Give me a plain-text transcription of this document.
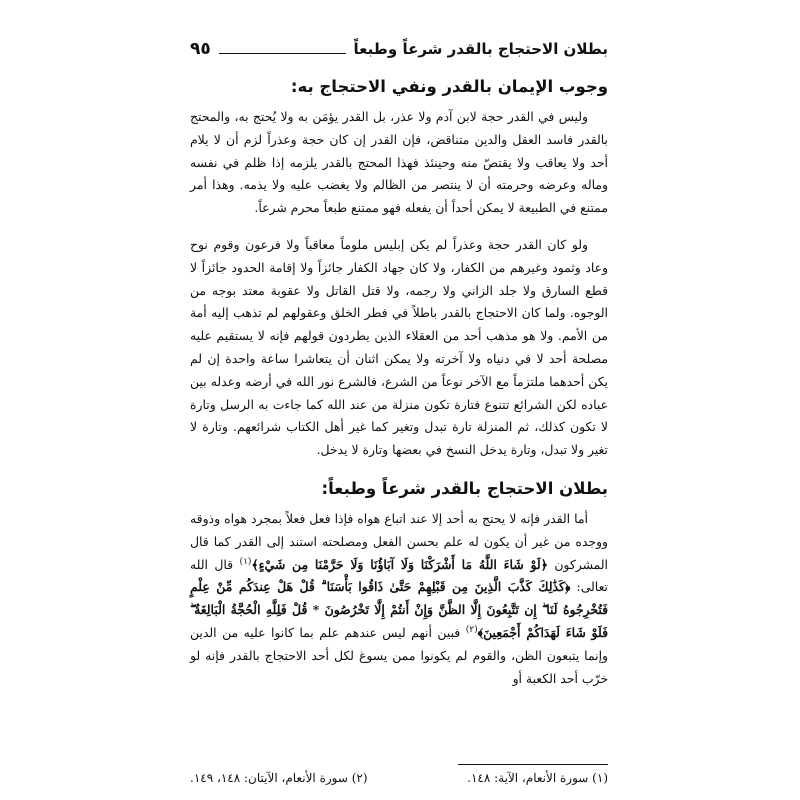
بطلان الاحتجاج بالقدر شرعاً وطبعاً
٩٥
وجوب الإيمان بالقدر ونفي الاحتجاج به:

وليس في القدر حجة لابن آدم ولا عذر، بل القدر يؤمَن به ولا يُحتج به، والمحتج بالقدر فاسد العقل والدين متناقض، فإن القدر إن كان حجة وعذراً لزم أن لا يلام أحد ولا يعاقب ولا يقتصّ منه وحينئذ فهذا المحتج بالقدر يلزمه إذا ظلم في نفسه وماله وعرضه وحرمته أن لا ينتصر من الظالم ولا يغضب عليه ولا يذمه. وهذا أمر ممتنع في الطبيعة لا يمكن أحداً أن يفعله فهو ممتنع طبعاً محرم شرعاً.

ولو كان القدر حجة وعذراً لم يكن إبليس ملوماً معاقباً ولا فرعون وقوم نوح وعاد وثمود وغيرهم من الكفار، ولا كان جهاد الكفار جائزاً ولا إقامة الحدود جائزاً لا قطع السارق ولا جلد الزاني ولا رجمه، ولا قتل القاتل ولا عقوبة معتد بوجه من الوجوه. ولما كان الاحتجاج بالقدر باطلاً في فطر الخلق وعقولهم لم تذهب إليه أمة من الأمم. ولا هو مذهب أحد من العقلاء الذين يطردون قولهم فإنه لا يستقيم عليه مصلحة أحد لا في دنياه ولا آخرته ولا يمكن اثنان أن يتعاشرا ساعة واحدة إن لم يكن أحدهما ملتزماً مع الآخر نوعاً من الشرع، فالشرع نور الله في أرضه وعدله بين عباده لكن الشرائع تتنوع فتارة تكون منزلة من عند الله كما جاءت به الرسل وتارة لا تكون كذلك، ثم المنزلة تارة تبدل وتغير كما غير أهل الكتاب شرائعهم. وتارة لا تغير ولا تبدل، وتارة يدخل النسخ في بعضها وتارة لا يدخل.

بطلان الاحتجاج بالقدر شرعاً وطبعاً:

أما القدر فإنه لا يحتج به أحد إلا عند اتباع هواه فإذا فعل فعلاً بمجرد هواه وذوقه ووجده من غير أن يكون له علم بحسن الفعل ومصلحته استند إلى القدر كما قال المشركون ﴿لَوْ شَاءَ اللَّهُ مَا أَشْرَكْنَا وَلَا آبَاؤُنَا وَلَا حَرَّمْنَا مِن شَيْءٍ﴾$^{(١)}$ قال الله تعالى: ﴿كَذَٰلِكَ كَذَّبَ الَّذِينَ مِن قَبْلِهِمْ حَتَّىٰ ذَاقُوا بَأْسَنَا ۗ قُلْ هَلْ عِندَكُم مِّنْ عِلْمٍ فَتُخْرِجُوهُ لَنَا ۖ إِن تَتَّبِعُونَ إِلَّا الظَّنَّ وَإِنْ أَنتُمْ إِلَّا تَخْرُصُونَ * قُلْ فَلِلَّهِ الْحُجَّةُ الْبَالِغَةُ ۖ فَلَوْ شَاءَ لَهَدَاكُمْ أَجْمَعِينَ﴾$^{(٢)}$ فبين أنهم ليس عندهم علم بما كانوا عليه من الدين وإنما يتبعون الظن، والقوم لم يكونوا ممن يسوغ لكل أحد الاحتجاج بالقدر فإنه لو خرّب أحد الكعبة أو

(١) سورة الأنعام، الآية: ١٤٨.
(٢) سورة الأنعام، الآيتان: ١٤٨، ١٤٩.
